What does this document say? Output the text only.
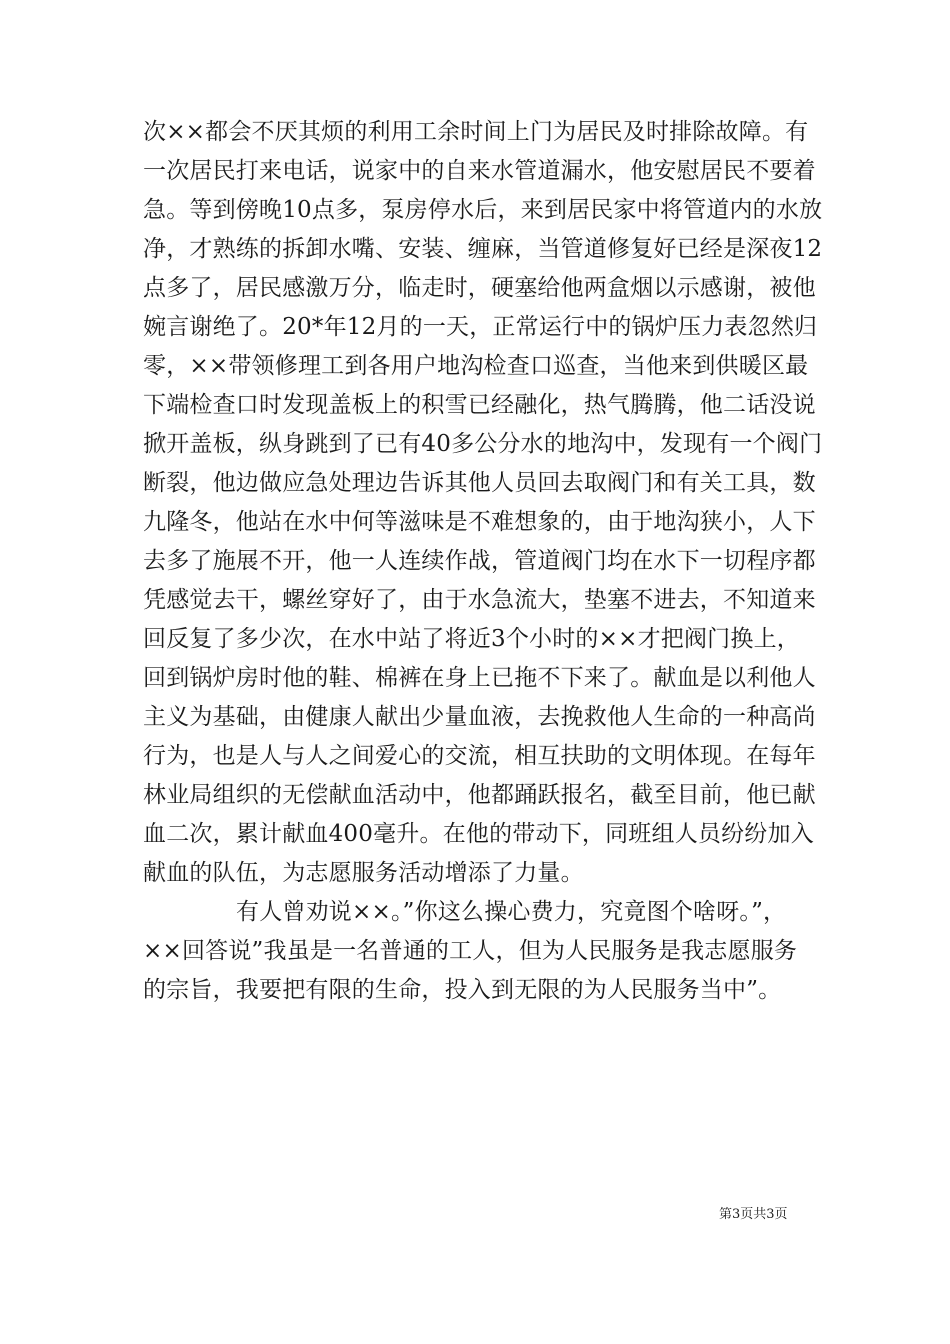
次××都会不厌其烦的利用工余时间上门为居民及时排除故障。有
一次居民打来电话，说家中的自来水管道漏水，他安慰居民不要着
急。等到傍晚10点多，泵房停水后，来到居民家中将管道内的水放
净，才熟练的拆卸水嘴、安装、缠麻，当管道修复好已经是深夜12
点多了，居民感激万分，临走时，硬塞给他两盒烟以示感谢，被他
婉言谢绝了。20*年12月的一天，正常运行中的锅炉压力表忽然归
零，××带领修理工到各用户地沟检查口巡查，当他来到供暖区最
下端检查口时发现盖板上的积雪已经融化，热气腾腾，他二话没说
掀开盖板，纵身跳到了已有40多公分水的地沟中，发现有一个阀门
断裂，他边做应急处理边告诉其他人员回去取阀门和有关工具，数
九隆冬，他站在水中何等滋味是不难想象的，由于地沟狭小，人下
去多了施展不开，他一人连续作战，管道阀门均在水下一切程序都
凭感觉去干，螺丝穿好了，由于水急流大，垫塞不进去，不知道来
回反复了多少次，在水中站了将近3个小时的××才把阀门换上，
回到锅炉房时他的鞋、棉裤在身上已拖不下来了。献血是以利他人
主义为基础，由健康人献出少量血液，去挽救他人生命的一种高尚
行为，也是人与人之间爱心的交流，相互扶助的文明体现。在每年
林业局组织的无偿献血活动中，他都踊跃报名，截至目前，他已献
血二次，累计献血400毫升。在他的带动下，同班组人员纷纷加入
献血的队伍，为志愿服务活动增添了力量。
有人曾劝说××。”你这么操心费力，究竟图个啥呀。”，
××回答说”我虽是一名普通的工人，但为人民服务是我志愿服务
的宗旨，我要把有限的生命，投入到无限的为人民服务当中”。
第3页共3页
